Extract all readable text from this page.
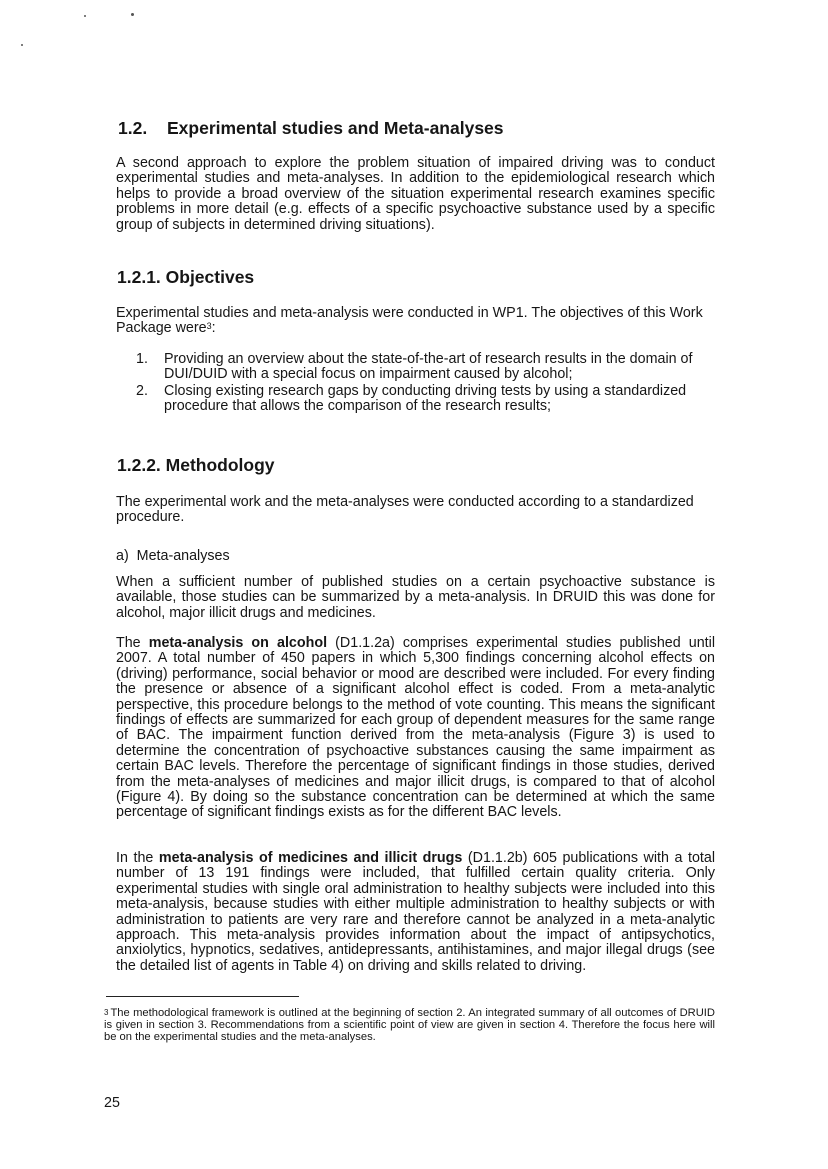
1.2. Experimental studies and Meta-analyses

A second approach to explore the problem situation of impaired driving was to conduct experimental studies and meta-analyses. In addition to the epidemiological research which helps to provide a broad overview of the situation experimental research examines specific problems in more detail (e.g. effects of a specific psychoactive substance used by a specific group of subjects in determined driving situations).

1.2.1. Objectives

Experimental studies and meta-analysis were conducted in WP1. The objectives of this Work Package were$^3$:

1. Providing an overview about the state-of-the-art of research results in the domain of DUI/DUID with a special focus on impairment caused by alcohol;
2. Closing existing research gaps by conducting driving tests by using a standardized procedure that allows the comparison of the research results;
1.2.2. Methodology

The experimental work and the meta-analyses were conducted according to a standardized procedure.

a)  Meta-analyses

When a sufficient number of published studies on a certain psychoactive substance is available, those studies can be summarized by a meta-analysis. In DRUID this was done for alcohol, major illicit drugs and medicines.

The meta-analysis on alcohol (D1.1.2a) comprises experimental studies published until 2007. A total number of 450 papers in which 5,300 findings concerning alcohol effects on (driving) performance, social behavior or mood are described were included. For every finding the presence or absence of a significant alcohol effect is coded. From a meta-analytic perspective, this procedure belongs to the method of vote counting. This means the significant findings of effects are summarized for each group of dependent measures for the same range of BAC. The impairment function derived from the meta-analysis (Figure 3) is used to determine the concentration of psychoactive substances causing the same impairment as certain BAC levels. Therefore the percentage of significant findings in those studies, derived from the meta-analyses of medicines and major illicit drugs, is compared to that of alcohol (Figure 4). By doing so the substance concentration can be determined at which the same percentage of significant findings exists as for the different BAC levels.

In the meta-analysis of medicines and illicit drugs (D1.1.2b) 605 publications with a total number of 13 191 findings were included, that fulfilled certain quality criteria. Only experimental studies with single oral administration to healthy subjects were included into this meta-analysis, because studies with either multiple administration to healthy subjects or with administration to patients are very rare and therefore cannot be analyzed in a meta-analytic approach. This meta-analysis provides information about the impact of antipsychotics, anxiolytics, hypnotics, sedatives, antidepressants, antihistamines, and major illegal drugs (see the detailed list of agents in Table 4) on driving and skills related to driving.

$^3$ The methodological framework is outlined at the beginning of section 2. An integrated summary of all outcomes of DRUID is given in section 3. Recommendations from a scientific point of view are given in section 4. Therefore the focus here will be on the experimental studies and the meta-analyses.
25
